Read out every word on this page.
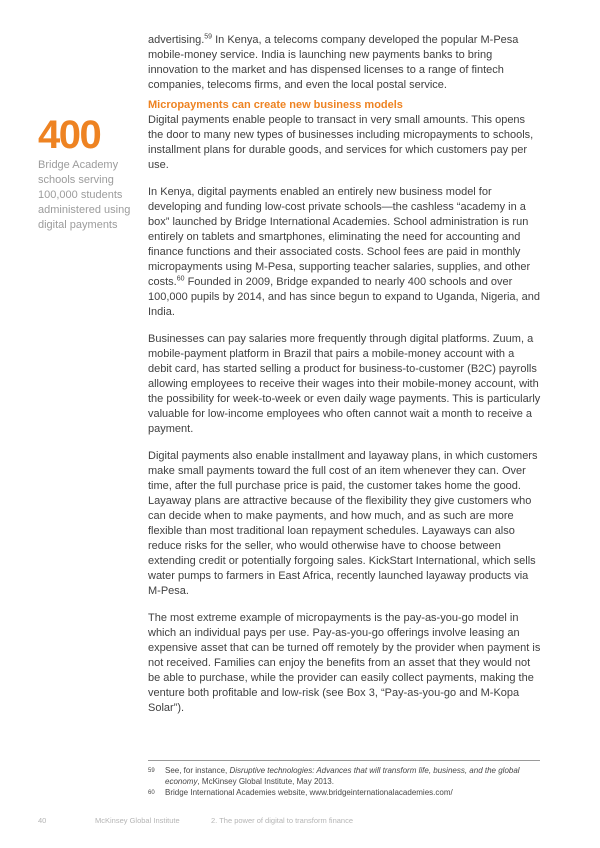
400
Bridge Academy schools serving 100,000 students administered using digital payments

advertising.$^{59}$ In Kenya, a telecoms company developed the popular M-Pesa mobile-money service. India is launching new payments banks to bring innovation to the market and has dispensed licenses to a range of fintech companies, telecoms firms, and even the local postal service.

Micropayments can create new business models

Digital payments enable people to transact in very small amounts. This opens the door to many new types of businesses including micropayments to schools, installment plans for durable goods, and services for which customers pay per use.

In Kenya, digital payments enabled an entirely new business model for developing and funding low-cost private schools—the cashless “academy in a box” launched by Bridge International Academies. School administration is run entirely on tablets and smartphones, eliminating the need for accounting and finance functions and their associated costs. School fees are paid in monthly micropayments using M-Pesa, supporting teacher salaries, supplies, and other costs.$^{60}$ Founded in 2009, Bridge expanded to nearly 400 schools and over 100,000 pupils by 2014, and has since begun to expand to Uganda, Nigeria, and India.

Businesses can pay salaries more frequently through digital platforms. Zuum, a mobile-payment platform in Brazil that pairs a mobile-money account with a debit card, has started selling a product for business-to-customer (B2C) payrolls allowing employees to receive their wages into their mobile-money account, with the possibility for week-to-week or even daily wage payments. This is particularly valuable for low-income employees who often cannot wait a month to receive a payment.

Digital payments also enable installment and layaway plans, in which customers make small payments toward the full cost of an item whenever they can. Over time, after the full purchase price is paid, the customer takes home the good. Layaway plans are attractive because of the flexibility they give customers who can decide when to make payments, and how much, and as such are more flexible than most traditional loan repayment schedules. Layaways can also reduce risks for the seller, who would otherwise have to choose between extending credit or potentially forgoing sales. KickStart International, which sells water pumps to farmers in East Africa, recently launched layaway products via M-Pesa.

The most extreme example of micropayments is the pay-as-you-go model in which an individual pays per use. Pay-as-you-go offerings involve leasing an expensive asset that can be turned off remotely by the provider when payment is not received. Families can enjoy the benefits from an asset that they would not be able to purchase, while the provider can easily collect payments, making the venture both profitable and low-risk (see Box 3, “Pay-as-you-go and M-Kopa Solar”).

59	See, for instance, Disruptive technologies: Advances that will transform life, business, and the global economy, McKinsey Global Institute, May 2013.
60	Bridge International Academies website, www.bridgeinternationalacademies.com/
40	McKinsey Global Institute	2. The power of digital to transform finance
